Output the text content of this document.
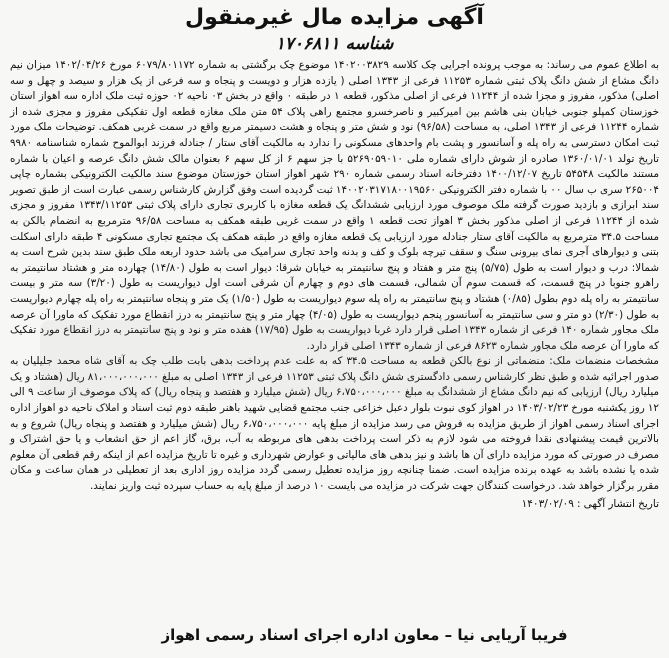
آگهی مزایده مال غیرمنقول
شناسه ۱۷۰۶۸۱۱

به اطلاع عموم می رساند: به موجب پرونده اجرایی چک کلاسه ۱۴۰۲۰۰۳۸۲۹ موضوع چک برگشتی به شماره ۶۰۷۹/۸۰۱۱۷۲ مورخ ۱۴۰۲/۰۴/۲۶ میزان نیم دانگ مشاع از شش دانگ پلاک ثبتی شماره ۱۱۲۵۳ فرعی از ۱۳۴۳ اصلی ( یازده هزار و دویست و پنجاه و سه فرعی از یک هزار و سیصد و چهل و سه اصلی) مذکور، مفروز و مجزا شده از ۱۱۲۴۴ فرعی از اصلی مذکور، قطعه ۱ در طبقه ۰ واقع در بخش ۰۳ ناحیه ۰۲ حوزه ثبت ملک اداره سه اهواز استان خوزستان کمپلو جنوبی خیابان بنی هاشم بین امیرکبیر و ناصرخسرو مجتمع راهی پلاک ۵۴ متن ملک مغازه قطعه اول تفکیکی مفروز و مجزی شده از شماره ۱۱۲۴۴ فرعی از ۱۳۴۳ اصلی، به مساحت (۹۶/۵۸) نود و شش متر و پنجاه و هشت دسیمتر مربع واقع در سمت غربی همکف. توضیحات ملک مورد ثبت امکان دسترسی به راه پله و آسانسور و پشت بام واحدهای مسکونی را ندارد به مالکیت آقای ستار / جنادله فرزند ابوالموح شماره شناسنامه ۹۹۸۰ تاریخ تولد ۱۳۶۰/۰۱/۰۱ صادره از شوش دارای شماره ملی ۵۲۶۹۰۵۹۰۱۰ با جز سهم ۶ از کل سهم ۶ بعنوان مالک شش دانگ عرصه و اعیان با شماره مستند مالکیت ۵۴۵۴۸ تاریخ ۱۴۰۰/۱۲/۰۷ دفترخانه اسناد رسمی شماره ۲۹۰ شهر اهواز استان خوزستان موضوع سند مالکیت الکترونیکی بشماره چاپی ۲۶۵۰۰۴ سری ب سال ۰۰ با شماره دفتر الکترونیکی ۱۴۰۰۲۰۳۱۷۱۸۰۰۱۹۵۶۰ ثبت گردیده است وفق گزارش کارشناس رسمی عبارت است از طبق تصویر سند ابرازی و بازدید صورت گرفته ملک موصوف مورد ارزیابی ششدانگ یک قطعه مغازه با کاربری تجاری دارای پلاک ثبتی ۱۳۴۳/۱۱۲۵۳ مفروز و مجزی شده از ۱۱۲۴۴ فرعی از اصلی مذکور بخش ۳ اهواز تحت قطعه ۱ واقع در سمت غربی طبقه همکف به مساحت ۹۶/۵۸ مترمربع به انضمام بالکن به مساحت ۳۴.۵ مترمربع به مالکیت آقای ستار جنادله مورد ارزیابی یک قطعه مغازه واقع در طبقه همکف یک مجتمع تجاری مسکونی ۴ طبقه دارای اسکلت بتنی و دیوارهای آجری نمای بیرونی سنگ و سقف تیرچه بلوک و کف و بدنه واحد تجاری سرامیک می باشد حدود اربعه ملک طبق سند بدین شرح است به شمالا: درب و دیوار است به طول (۵/۷۵) پنج متر و هفتاد و پنج سانتیمتر به خیابان شرقا: دیوار است به طول (۱۴/۸۰) چهارده متر و هشتاد سانتیمتر به راهرو جنوبا در پنج قسمت، که قسمت سوم آن شمالی، قسمت های دوم و چهارم آن شرقی است اول دیواریست به طول (۳/۲۰) سه متر و بیست سانتیمتر به راه پله دوم بطول (۰/۸۵) هشتاد و پنج سانتیمتر به راه پله سوم دیواریست به طول (۱/۵۰) یک متر و پنجاه سانتیمتر به راه پله چهارم دیواریست به طول (۲/۳۰) دو متر و سی سانتیمتر به آسانسور پنجم دیواریست به طول (۴/۰۵) چهار متر و پنج سانتیمتر به درز انقطاع مورد تفکیک که ماورا آن عرصه ملک مجاور شماره ۱۴۰ فرعی از شماره ۱۳۴۳ اصلی قرار دارد غربا دیواریست به طول (۱۷/۹۵) هفده متر و نود و پنج سانتیمتر به درز انقطاع مورد تفکیک که ماورا آن عرصه ملک مجاور شماره ۸۶۲۳ فرعی از شماره ۱۳۴۳ اصلی قرار دارد.

مشخصات منضمات ملک: منضماتی از نوع بالکن قطعه به مساحت ۳۴.۵ که به علت عدم پرداخت بدهی بابت طلب چک به آقای شاه محمد جلیلیان به صدور اجرائیه شده و طبق نظر کارشناس رسمی دادگستری شش دانگ پلاک ثبتی ۱۱۲۵۳ فرعی از ۱۳۴۳ اصلی به مبلغ ۸۱،۰۰۰،۰۰۰،۰۰۰ ریال (هشتاد و یک میلیارد ریال) ارزیابی که نیم دانگ مشاع از ششدانگ به مبلغ ۶،۷۵۰،۰۰۰،۰۰۰ ریال (شش میلیارد و هفتصد و پنجاه ریال) که پلاک موصوف از ساعت ۹ الی ۱۲ روز یکشنبه مورخ ۱۴۰۳/۰۲/۲۳ در اهواز کوی نبوت بلوار دعبل خزاعی جنب مجتمع قضایی شهید باهنر طبقه دوم ثبت اسناد و املاک ناحیه دو اهواز اداره اجرای اسناد رسمی اهواز از طریق مزایده به فروش می رسد مزایده از مبلغ پایه ۶،۷۵۰،۰۰۰،۰۰۰ ریال (شش میلیارد و هفتصد و پنجاه ریال) شروع و به بالاترین قیمت پیشنهادی نقدا فروخته می شود لازم به ذکر است پرداخت بدهی های مربوطه به آب، برق، گاز اعم از حق انشعاب و یا حق اشتراک و مصرف در صورتی که مورد مزایده دارای آن ها باشد و نیز بدهی های مالیاتی و عوارض شهرداری و غیره تا تاریخ مزایده اعم از اینکه رقم قطعی آن معلوم شده یا نشده باشد به عهده برنده مزایده است. ضمنا چنانچه روز مزایده تعطیل رسمی گردد مزایده روز اداری بعد از تعطیلی در همان ساعت و مکان مقرر برگزار خواهد شد. درخواست کنندگان جهت شرکت در مزایده می بایست ۱۰ درصد از مبلغ پایه به حساب سپرده ثبت واریز نمایند.

تاریخ انتشار آگهی : ۱۴۰۳/۰۲/۰۹
فریبا آریایی نیا – معاون اداره اجرای اسناد رسمی اهواز
